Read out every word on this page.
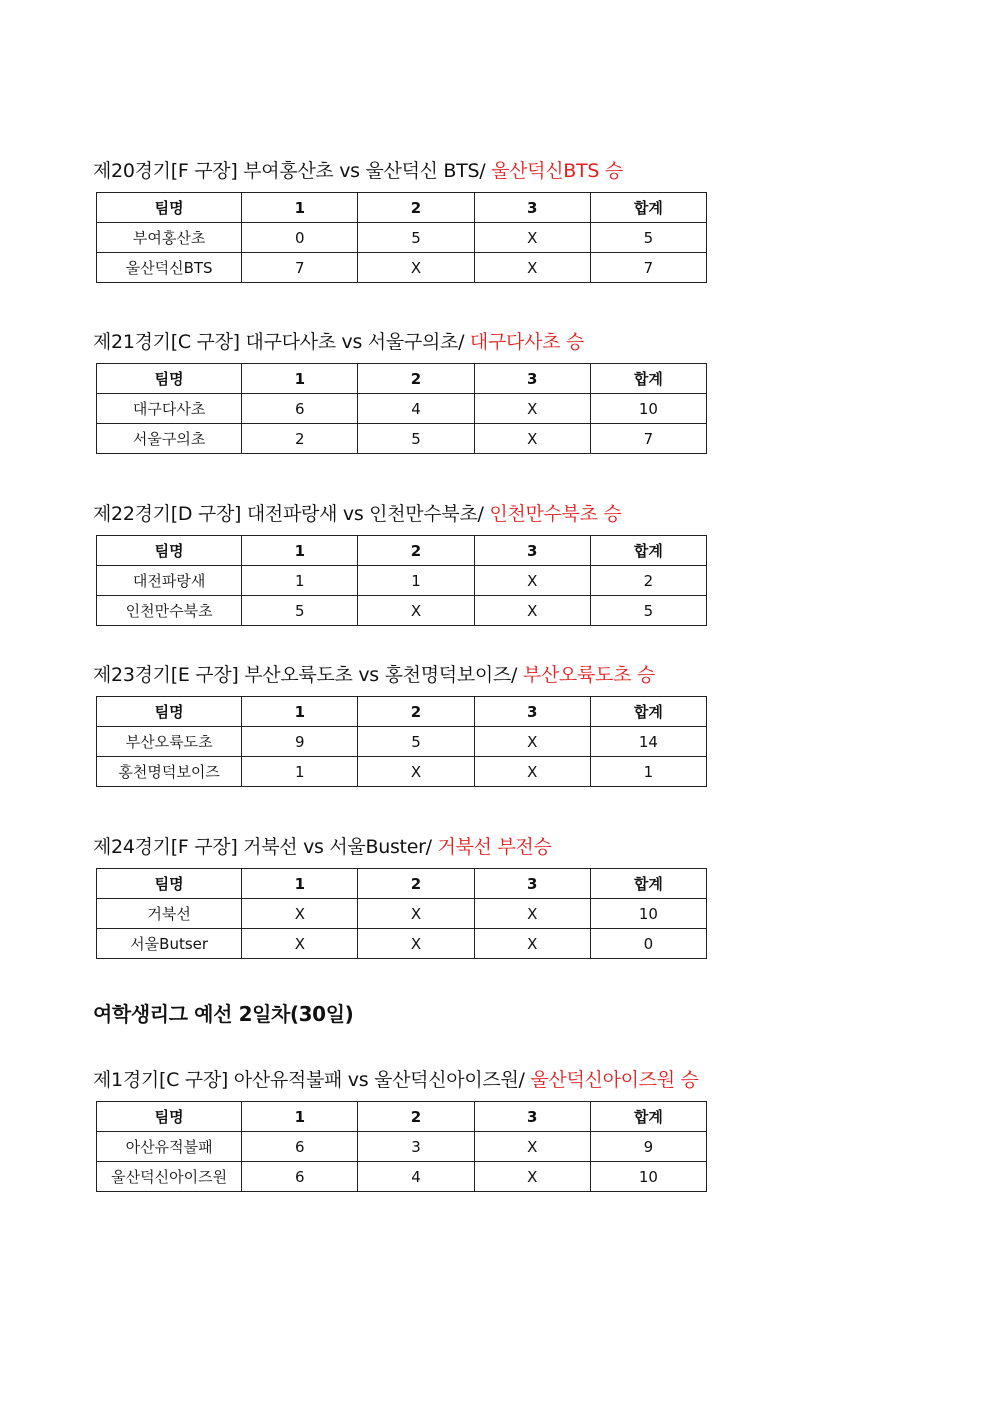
제20경기[F 구장] 부여홍산초 vs 울산덕신 BTS/ 울산덕신BTS 승
팀명	1	2	3	합계
부여홍산초	0	5	X	5
울산덕신BTS	7	X	X	7
제21경기[C 구장] 대구다사초 vs 서울구의초/ 대구다사초 승
팀명	1	2	3	합계
대구다사초	6	4	X	10
서울구의초	2	5	X	7
제22경기[D 구장] 대전파랑새 vs 인천만수북초/ 인천만수북초 승
팀명	1	2	3	합계
대전파랑새	1	1	X	2
인천만수북초	5	X	X	5
제23경기[E 구장] 부산오륙도초 vs 홍천명덕보이즈/ 부산오륙도초 승
팀명	1	2	3	합계
부산오륙도초	9	5	X	14
홍천명덕보이즈	1	X	X	1
제24경기[F 구장] 거북선 vs 서울Buster/ 거북선 부전승
팀명	1	2	3	합계
거북선	X	X	X	10
서울Butser	X	X	X	0
제1경기[C 구장] 아산유적불패 vs 울산덕신아이즈원/ 울산덕신아이즈원 승
팀명	1	2	3	합계
아산유적불패	6	3	X	9
울산덕신아이즈원	6	4	X	10
여학생리그 예선 2일차(30일)
